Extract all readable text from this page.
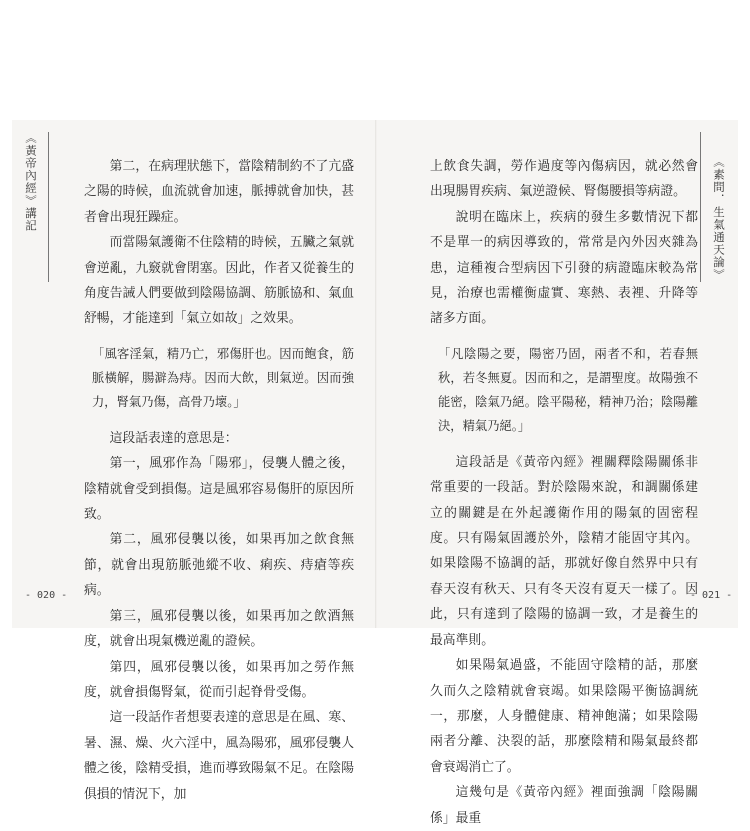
《黃帝內經》講記	第二，在病理狀態下，當陰精制約不了亢盛之陽的時候，血流就會加速，脈搏就會加快，甚者會出現狂躁症。

而當陽氣護衛不住陰精的時候，五臟之氣就會逆亂，九竅就會閉塞。因此，作者又從養生的角度告誡人們要做到陰陽協調、筋脈協和、氣血舒暢，才能達到「氣立如故」之效果。

「風客淫氣，精乃亡，邪傷肝也。因而飽食，筋脈橫解，腸澼為痔。因而大飲，則氣逆。因而強力，腎氣乃傷，高骨乃壞。」

這段話表達的意思是：

第一，風邪作為「陽邪」，侵襲人體之後，陰精就會受到損傷。這是風邪容易傷肝的原因所致。

第二，風邪侵襲以後，如果再加之飲食無節，就會出現筋脈弛縱不收、痢疾、痔瘡等疾病。

第三，風邪侵襲以後，如果再加之飲酒無度，就會出現氣機逆亂的證候。

第四，風邪侵襲以後，如果再加之勞作無度，就會損傷腎氣，從而引起脊骨受傷。

這一段話作者想要表達的意思是在風、寒、暑、濕、燥、火六淫中，風為陽邪，風邪侵襲人體之後，陰精受損，進而導致陽氣不足。在陰陽俱損的情況下，加

- 020 -
《素問．生氣通天論》

上飲食失調，勞作過度等內傷病因，就必然會出現腸胃疾病、氣逆證候、腎傷腰損等病證。

說明在臨床上，疾病的發生多數情況下都不是單一的病因導致的，常常是內外因夾雜為患，這種複合型病因下引發的病證臨床較為常見，治療也需權衡虛實、寒熱、表裡、升降等諸多方面。

「凡陰陽之要，陽密乃固，兩者不和，若春無秋，若冬無夏。因而和之，是謂聖度。故陽強不能密，陰氣乃絕。陰平陽秘，精神乃治；陰陽離決，精氣乃絕。」

這段話是《黃帝內經》裡關釋陰陽關係非常重要的一段話。對於陰陽來說，和調關係建立的關鍵是在外起護衛作用的陽氣的固密程度。只有陽氣固護於外，陰精才能固守其內。如果陰陽不協調的話，那就好像自然界中只有春天沒有秋天、只有冬天沒有夏天一樣了。因此，只有達到了陰陽的協調一致，才是養生的最高準則。

如果陽氣過盛，不能固守陰精的話，那麼久而久之陰精就會衰竭。如果陰陽平衡協調統一，那麼，人身體健康、精神飽滿；如果陰陽兩者分離、決裂的話，那麼陰精和陽氣最終都會衰竭消亡了。

這幾句是《黃帝內經》裡面強調「陰陽關係」最重

- 021 -
